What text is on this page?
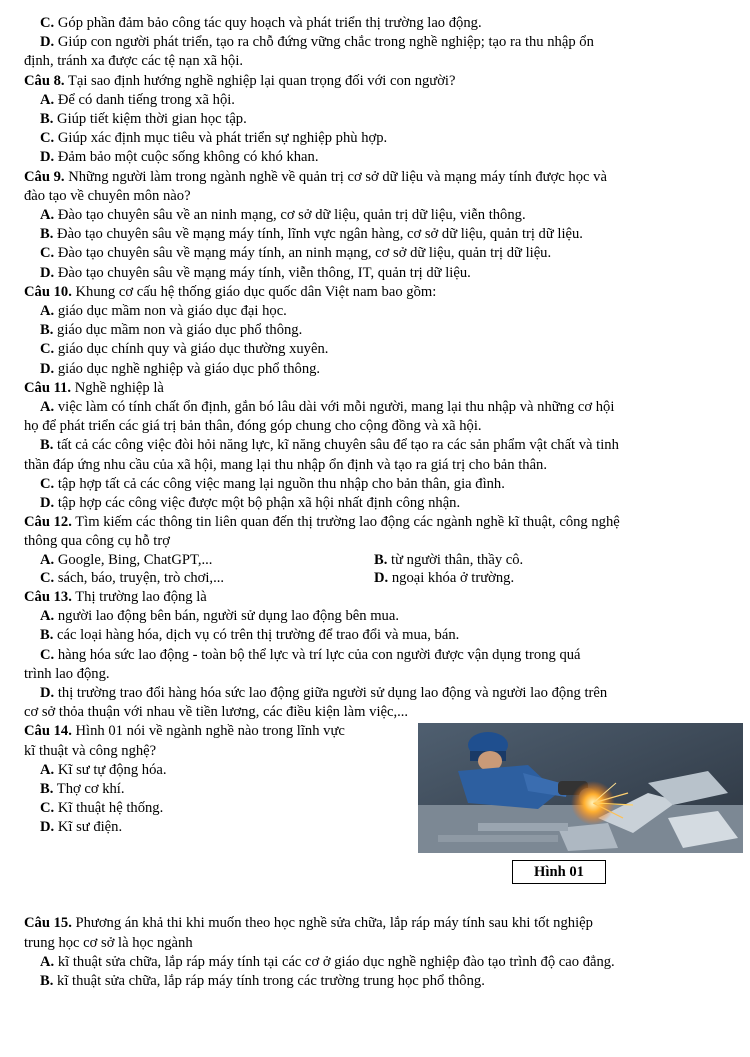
C. Góp phần đảm bảo công tác quy hoạch và phát triển thị trường lao động.

D. Giúp con người phát triển, tạo ra chỗ đứng vững chắc trong nghề nghiệp; tạo ra thu nhập ổn

định, tránh xa được các tệ nạn xã hội.

Câu 8. Tại sao định hướng nghề nghiệp lại quan trọng đối với con người?

A. Để có danh tiếng trong xã hội.

B. Giúp tiết kiệm thời gian học tập.

C. Giúp xác định mục tiêu và phát triển sự nghiệp phù hợp.

D. Đảm bảo một cuộc sống không có khó khan.

Câu 9. Những người làm trong ngành nghề về quản trị cơ sở dữ liệu và mạng máy tính được học và

đào tạo về chuyên môn nào?

A. Đào tạo chuyên sâu về an ninh mạng, cơ sở dữ liệu, quản trị dữ liệu, viễn thông.

B. Đào tạo chuyên sâu về mạng máy tính, lĩnh vực ngân hàng, cơ sở dữ liệu, quản trị dữ liệu.

C. Đào tạo chuyên sâu về mạng máy tính, an ninh mạng, cơ sở dữ liệu, quản trị dữ liệu.

D. Đào tạo chuyên sâu về mạng máy tính, viễn thông, IT, quản trị dữ liệu.

Câu 10. Khung cơ cấu hệ thống giáo dục quốc dân Việt nam bao gồm:

A. giáo dục mầm non và giáo dục đại học.

B. giáo dục mầm non và giáo dục phổ thông.

C. giáo dục chính quy và giáo dục thường xuyên.

D. giáo dục nghề nghiệp và giáo dục phổ thông.

Câu 11. Nghề nghiệp là

A. việc làm có tính chất ổn định, gắn bó lâu dài với mỗi người, mang lại thu nhập và những cơ hội

họ để phát triển các giá trị bản thân, đóng góp chung cho cộng đồng và xã hội.

B. tất cả các công việc đòi hỏi năng lực, kĩ năng chuyên sâu để tạo ra các sản phẩm vật chất và tinh

thần đáp ứng nhu cầu của xã hội, mang lại thu nhập ổn định và tạo ra giá trị cho bản thân.

C. tập hợp tất cả các công việc mang lại nguồn thu nhập cho bản thân, gia đình.

D. tập hợp các công việc được một bộ phận xã hội nhất định công nhận.

Câu 12. Tìm kiếm các thông tin liên quan đến thị trường lao động các ngành nghề kĩ thuật, công nghệ

thông qua công cụ hỗ trợ

A. Google, Bing, ChatGPT,...	B. từ người thân, thầy cô.
C. sách, báo, truyện, trò chơi,...	D. ngoại khóa ở trường.

Câu 13. Thị trường lao động là

A. người lao động bên bán, người sử dụng lao động bên mua.

B. các loại hàng hóa, dịch vụ có trên thị trường để trao đổi và mua, bán.

C. hàng hóa sức lao động - toàn bộ thể lực và trí lực của con người được vận dụng trong quá

trình lao động.

D. thị trường trao đổi hàng hóa sức lao động giữa người sử dụng lao động và người lao động trên

cơ sở thỏa thuận với nhau về tiền lương, các điều kiện làm việc,...

Câu 14. Hình 01 nói về ngành nghề nào trong lĩnh vực

kĩ thuật và công nghệ?

A. Kĩ sư tự động hóa.

B. Thợ cơ khí.

C. Kĩ thuật hệ thống.

D. Kĩ sư điện.

Hình 01

Câu 15. Phương án khả thi khi muốn theo học nghề sửa chữa, lắp ráp máy tính sau khi tốt nghiệp

trung học cơ sở là học ngành

A. kĩ thuật sửa chữa, lắp ráp máy tính tại các cơ ở giáo dục nghề nghiệp đào tạo trình độ cao đẳng.

B. kĩ thuật sửa chữa, lắp ráp máy tính trong các trường trung học phổ thông.
